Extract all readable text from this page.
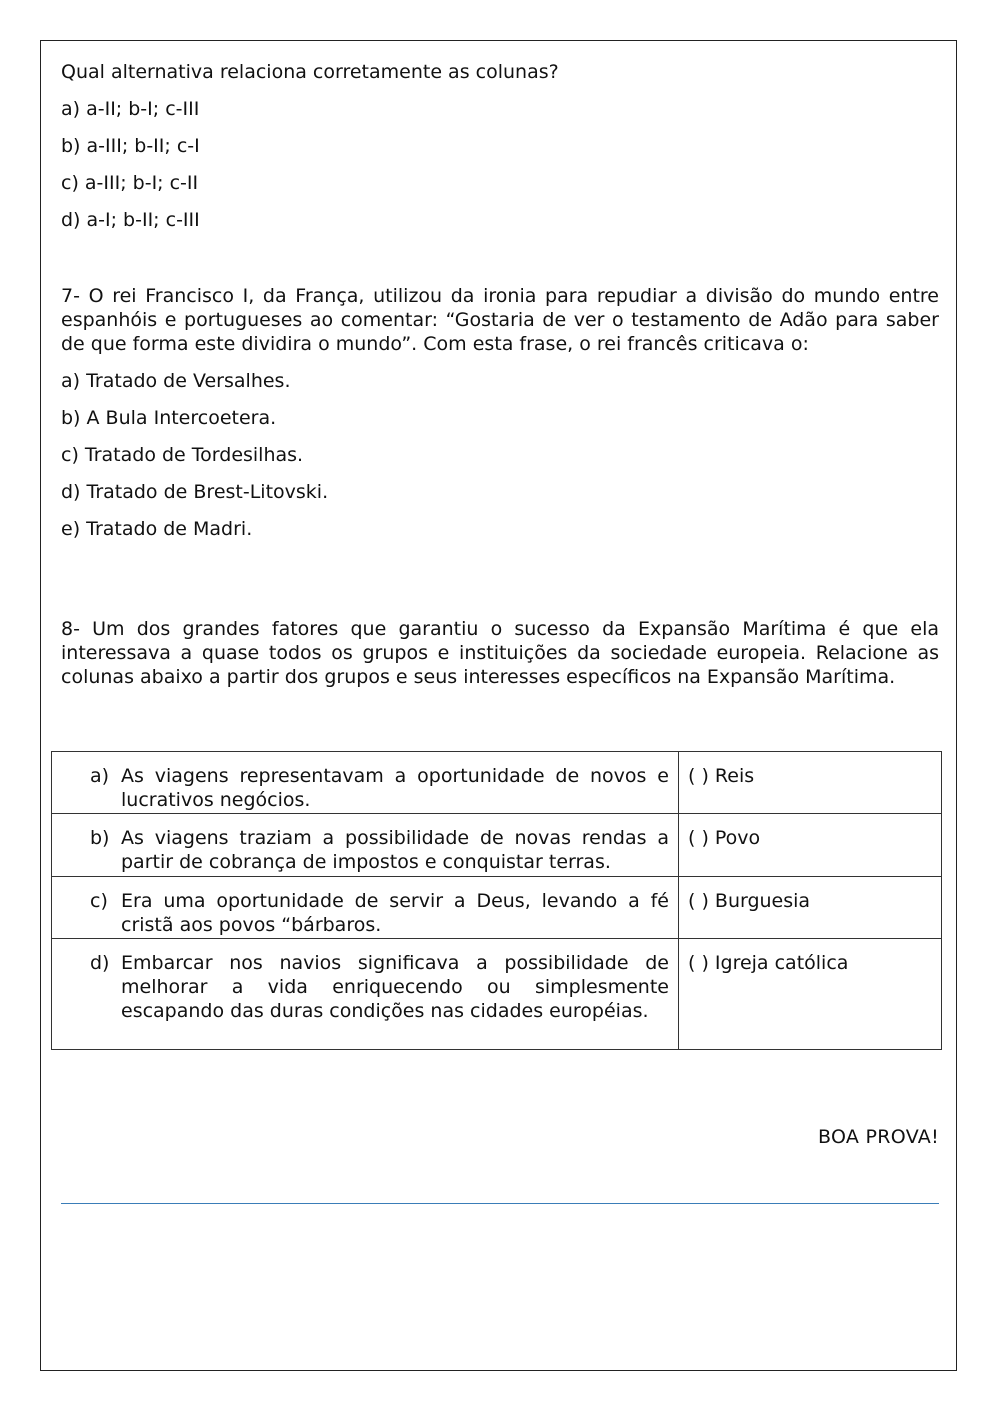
Qual alternativa relaciona corretamente as colunas?

a) a-II; b-I; c-III

b) a-III; b-II; c-I

c) a-III; b-I; c-II

d) a-I; b-II; c-III

7- O rei Francisco I, da França, utilizou da ironia para repudiar a divisão do mundo entre espanhóis e portugueses ao comentar: “Gostaria de ver o testamento de Adão para saber de que forma este dividira o mundo”. Com esta frase, o rei francês criticava o:

a) Tratado de Versalhes.

b) A Bula Intercoetera.

c) Tratado de Tordesilhas.

d) Tratado de Brest-Litovski.

e) Tratado de Madri.

8- Um dos grandes fatores que garantiu o sucesso da Expansão Marítima é que ela interessava a quase todos os grupos e instituições da sociedade europeia. Relacione as colunas abaixo a partir dos grupos e seus interesses específicos na Expansão Marítima.

a) As viagens representavam a oportunidade de novos e lucrativos negócios.	( ) Reis

b) As viagens traziam a possibilidade de novas rendas a partir de cobrança de impostos e conquistar terras.	( ) Povo

c) Era uma oportunidade de servir a Deus, levando a fé cristã aos povos “bárbaros.	( ) Burguesia

d) Embarcar nos navios significava a possibilidade de melhorar a vida enriquecendo ou simplesmente escapando das duras condições nas cidades européias.	( ) Igreja católica
BOA PROVA!
